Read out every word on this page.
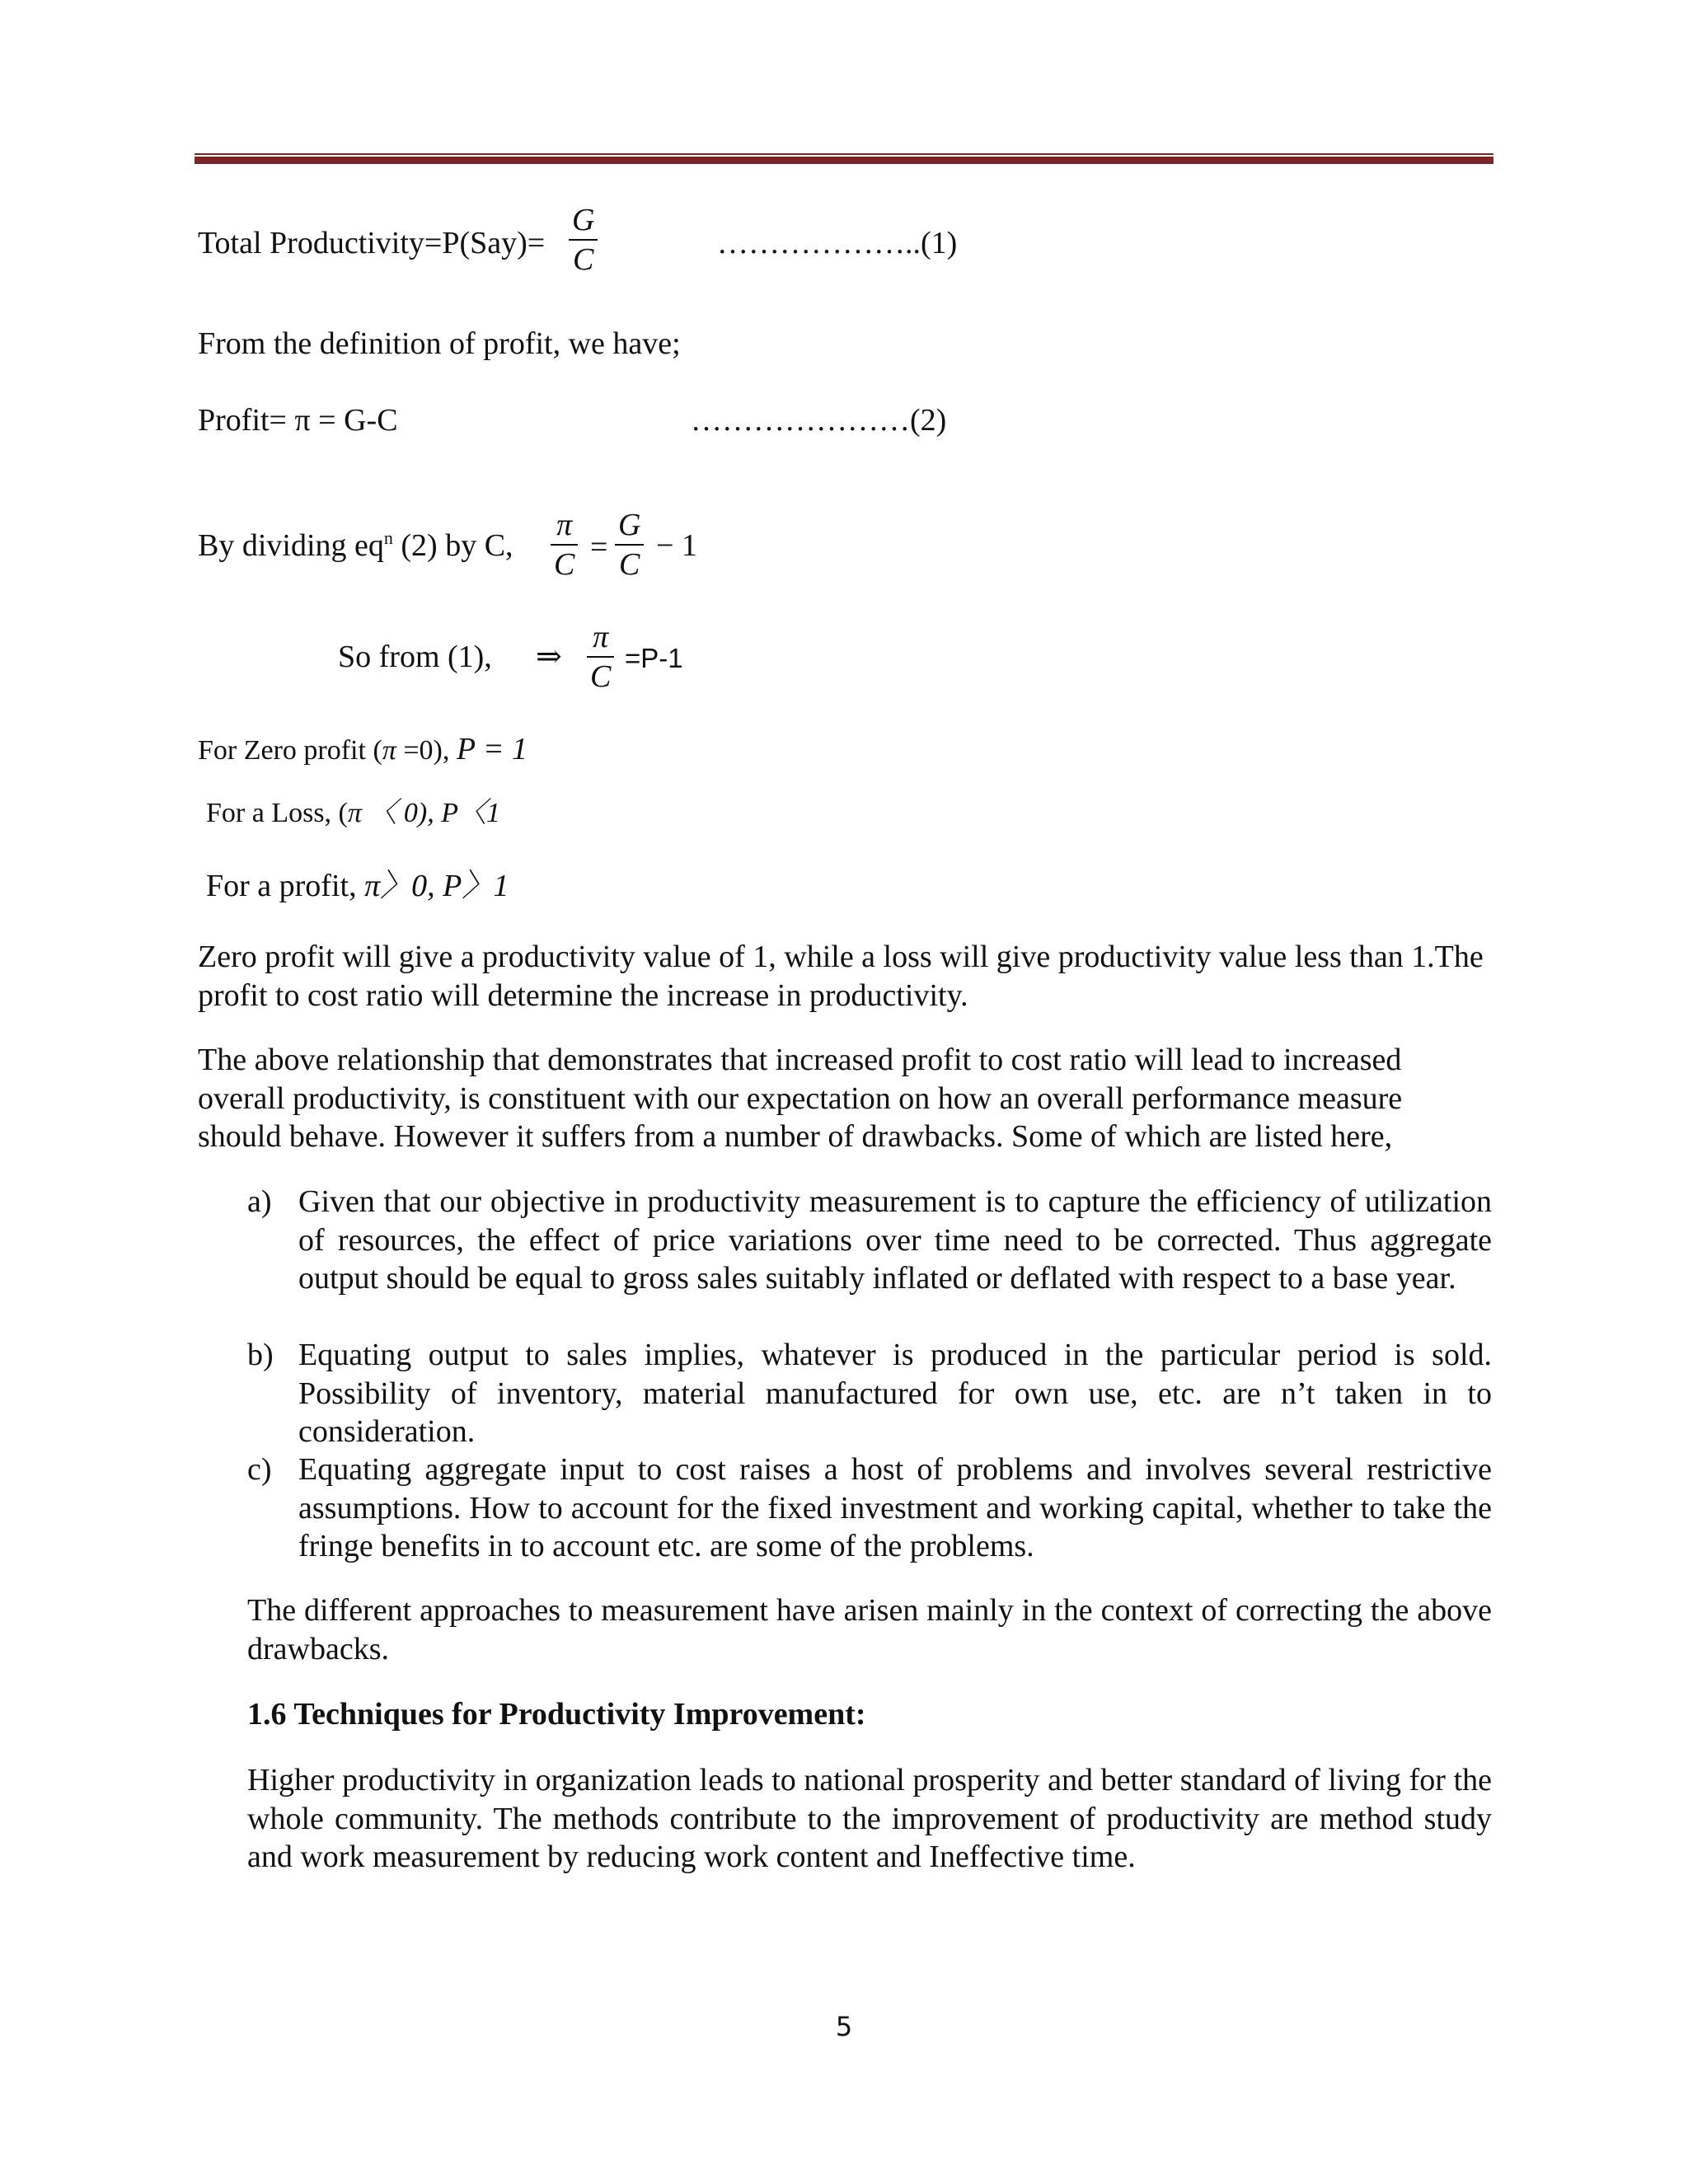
Total Productivity=P(Say)=
G
C	………………..(1)
From the definition of profit, we have;
Profit= π = G-C	…………………(2)
By dividing $eq^n$ (2) by C,
π
C =
G
C
− 1
So from (1), ⇒
π
C
=P-1
For Zero profit (π =0), P = 1
For a Loss, (π 〈 0), P〈1
For a profit, π〉0, P〉1
Zero profit will give a productivity value of 1, while a loss will give productivity value less than 1.The profit to cost ratio will determine the increase in productivity.
The above relationship that demonstrates that increased profit to cost ratio will lead to increased overall productivity, is constituent with our expectation on how an overall performance measure should behave. However it suffers from a number of drawbacks. Some of which are listed here,
a) Given that our objective in productivity measurement is to capture the efficiency of utilization of resources, the effect of price variations over time need to be corrected. Thus aggregate output should be equal to gross sales suitably inflated or deflated with respect to a base year.
b) Equating output to sales implies, whatever is produced in the particular period is sold. Possibility of inventory, material manufactured for own use, etc. are n’t taken in to consideration.
c) Equating aggregate input to cost raises a host of problems and involves several restrictive assumptions. How to account for the fixed investment and working capital, whether to take the fringe benefits in to account etc. are some of the problems.
The different approaches to measurement have arisen mainly in the context of correcting the above drawbacks.
1.6 Techniques for Productivity Improvement:
Higher productivity in organization leads to national prosperity and better standard of living for the whole community. The methods contribute to the improvement of productivity are method study and work measurement by reducing work content and Ineffective time.
5
